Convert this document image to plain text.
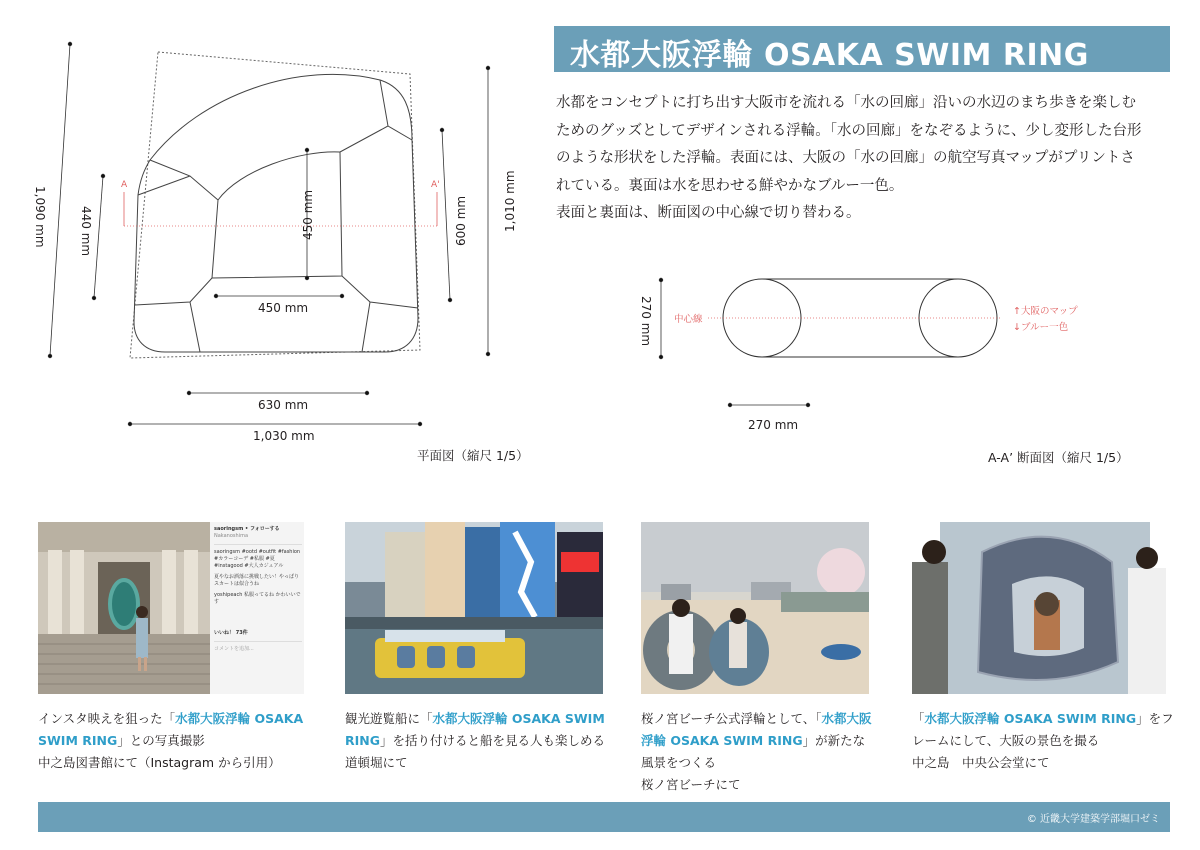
水都大阪浮輪 OSAKA SWIM RING

水都をコンセプトに打ち出す大阪市を流れる「水の回廊」沿いの水辺のまち歩きを楽しむ

ためのグッズとしてデザインされる浮輪。「水の回廊」をなぞるように、少し変形した台形

のような形状をした浮輪。表面には、大阪の「水の回廊」の航空写真マップがプリントさ

れている。裏面は水を思わせる鮮やかなブルー一色。

表面と裏面は、断面図の中心線で切り替わる。

A	A'
1,090 mm	440 mm	450 mm
450 mm
600 mm	1,010 mm
630 mm
1,030 mm
270 mm
270 mm
中心線
↑大阪のマップ
↓ブルー一色
平面図（縮尺 1/5）	A-A’ 断面図（縮尺 1/5）
saoringsm • フォローする
Nakanoshima
saoringsm #ootd #outfit #fashion #カラーコーデ #私服 #夏 #instagood #大人カジュアル
夏やなお洒落に挑戦したい！やっぱりスカートは似合うね
yoshipeach 私服ってるね かわいいです
いいね！ 73件
コメントを追加...
インスタ映えを狙った「水都大阪浮輪 OSAKA SWIM RING」との写真撮影
中之島図書館にて（Instagram から引用）
観光遊覧船に「水都大阪浮輪 OSAKA SWIM RING」を括り付けると船を見る人も楽しめる
道頓堀にて
桜ノ宮ビーチ公式浮輪として、「水都大阪浮輪 OSAKA SWIM RING」が新たな風景をつくる
桜ノ宮ビーチにて
「水都大阪浮輪 OSAKA SWIM RING」をフレームにして、大阪の景色を撮る
中之島　中央公会堂にて
© 近畿大学建築学部堀口ゼミ
